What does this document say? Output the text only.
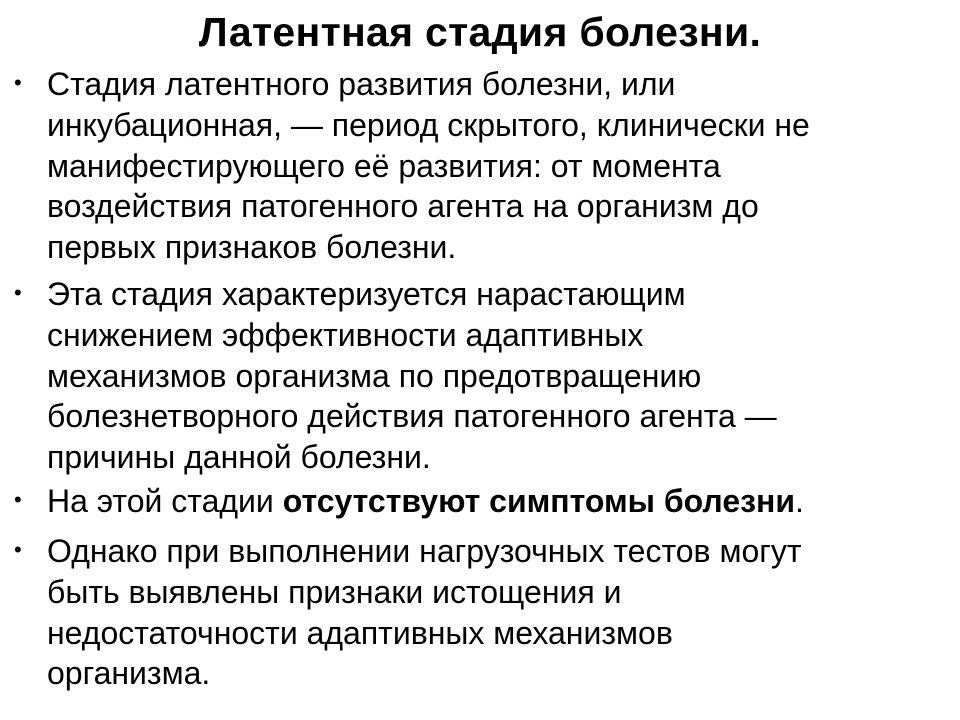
Латентная стадия болезни.
• Стадия латентного развития болезни, или
инкубационная, — период скрытого, клинически не
манифестирующего её развития: от момента
воздействия патогенного агента на организм до
первых признаков болезни.
• Эта стадия характеризуется нарастающим
снижением эффективности адаптивных
механизмов организма по предотвращению
болезнетворного действия патогенного агента —
причины данной болезни.
• На этой стадии отсутствуют симптомы болезни.
• Однако при выполнении нагрузочных тестов могут
быть выявлены признаки истощения и
недостаточности адаптивных механизмов
организма.
